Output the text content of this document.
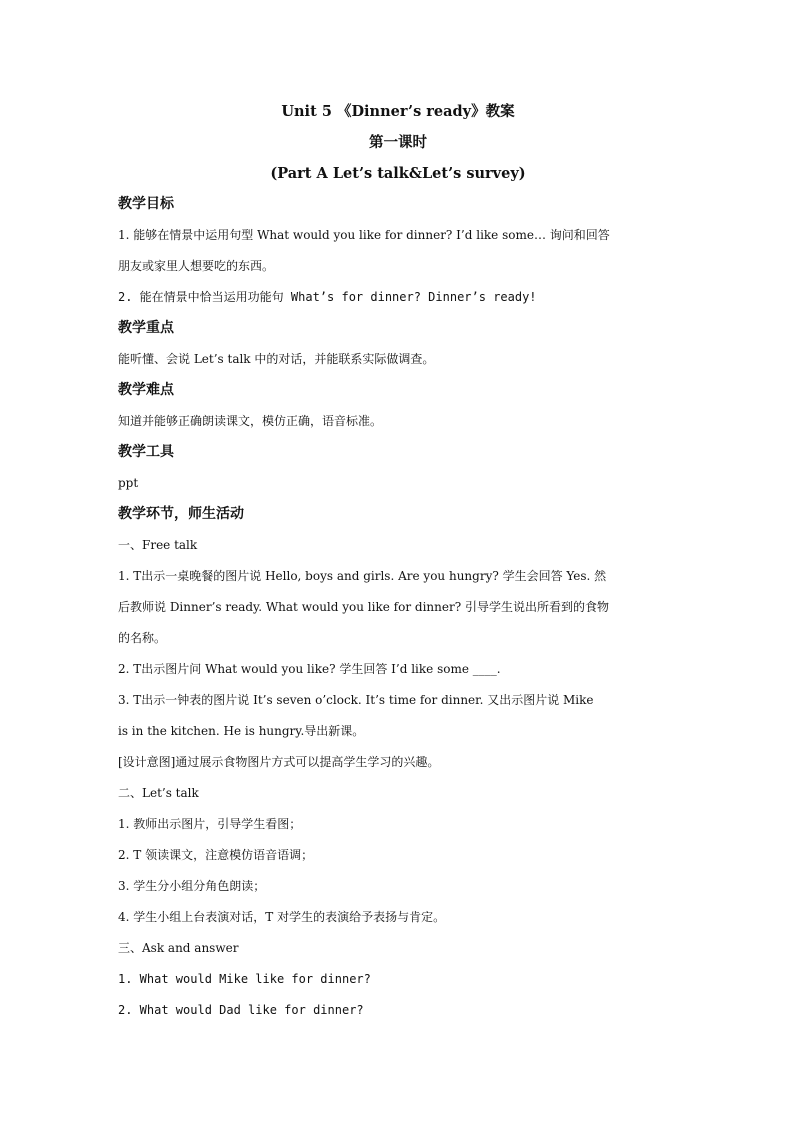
Unit 5 《Dinner’s ready》教案
第一课时
(Part A Let’s talk&Let’s survey)
教学目标
1. 能够在情景中运用句型 What would you like for dinner? I’d like some… 询问和回答
朋友或家里人想要吃的东西。
2. 能在情景中恰当运用功能句 What’s for dinner? Dinner’s ready!
教学重点
能听懂、会说 Let’s talk 中的对话，并能联系实际做调查。
教学难点
知道并能够正确朗读课文，模仿正确，语音标准。
教学工具
ppt
教学环节，师生活动
一、Free talk
1. T出示一桌晚餐的图片说 Hello, boys and girls. Are you hungry? 学生会回答 Yes. 然
后教师说 Dinner’s ready. What would you like for dinner? 引导学生说出所看到的食物
的名称。
2. T出示图片问 What would you like? 学生回答 I’d like some ____.
3. T出示一钟表的图片说 It’s seven o’clock. It’s time for dinner. 又出示图片说 Mike
is in the kitchen. He is hungry.导出新课。
[设计意图]通过展示食物图片方式可以提高学生学习的兴趣。
二、Let’s talk
1. 教师出示图片，引导学生看图；
2. T 领读课文，注意模仿语音语调；
3. 学生分小组分角色朗读；
4. 学生小组上台表演对话，T 对学生的表演给予表扬与肯定。
三、Ask and answer
1. What would Mike like for dinner?
2. What would Dad like for dinner?
